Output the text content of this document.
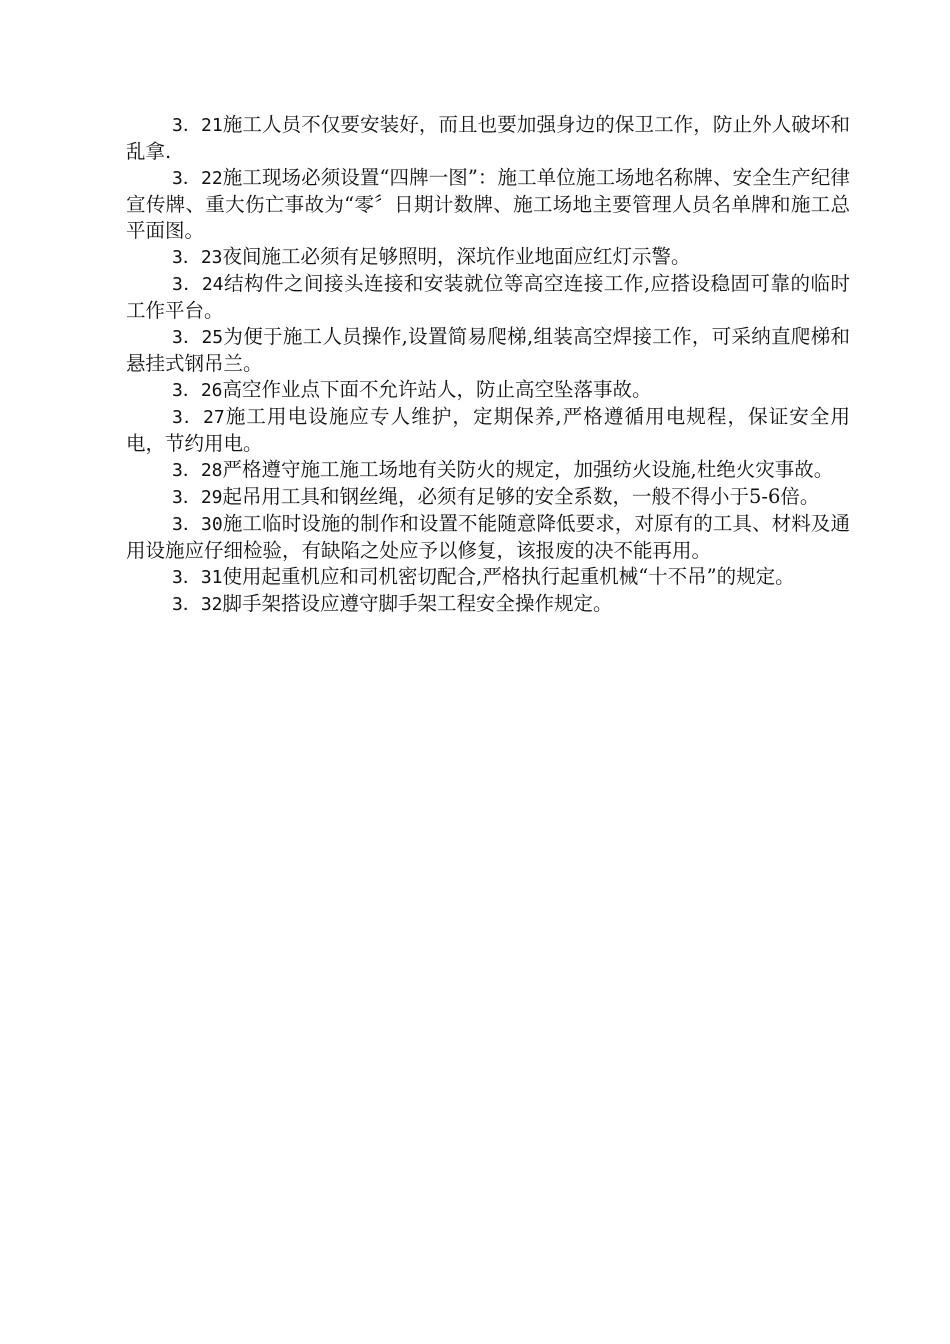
3．21施工人员不仅要安装好，而且也要加强身边的保卫工作，防止外人破坏和乱拿.

3．22施工现场必须设置“四牌一图”：施工单位施工场地名称牌、安全生产纪律宣传牌、重大伤亡事故为“零〞日期计数牌、施工场地主要管理人员名单牌和施工总平面图。

3．23夜间施工必须有足够照明，深坑作业地面应红灯示警。

3．24结构件之间接头连接和安装就位等高空连接工作,应搭设稳固可靠的临时工作平台。

3．25为便于施工人员操作,设置简易爬梯,组装高空焊接工作，可采纳直爬梯和悬挂式钢吊兰。

3．26高空作业点下面不允许站人，防止高空坠落事故。

3．27施工用电设施应专人维护，定期保养,严格遵循用电规程，保证安全用电，节约用电。

3．28严格遵守施工施工场地有关防火的规定，加强纺火设施,杜绝火灾事故。

3．29起吊用工具和钢丝绳，必须有足够的安全系数，一般不得小于5-6倍。

3．30施工临时设施的制作和设置不能随意降低要求，对原有的工具、材料及通用设施应仔细检验，有缺陷之处应予以修复，该报废的决不能再用。

3．31使用起重机应和司机密切配合,严格执行起重机械“十不吊”的规定。

3．32脚手架搭设应遵守脚手架工程安全操作规定。
